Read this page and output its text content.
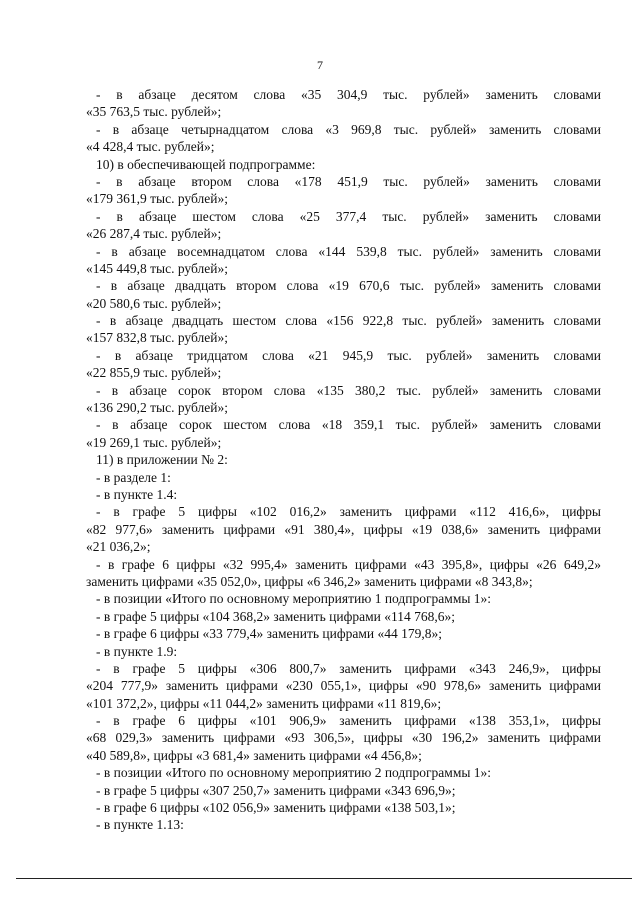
7
- в абзаце десятом слова «35 304,9 тыс. рублей» заменить словами
«35 763,5 тыс. рублей»;
- в абзаце четырнадцатом слова «3 969,8 тыс. рублей» заменить словами
«4 428,4 тыс. рублей»;
10) в обеспечивающей подпрограмме:
- в абзаце втором слова «178 451,9 тыс. рублей» заменить словами
«179 361,9 тыс. рублей»;
- в абзаце шестом слова «25 377,4 тыс. рублей» заменить словами
«26 287,4 тыс. рублей»;
- в абзаце восемнадцатом слова «144 539,8 тыс. рублей» заменить словами
«145 449,8 тыс. рублей»;
- в абзаце двадцать втором слова «19 670,6 тыс. рублей» заменить словами
«20 580,6 тыс. рублей»;
- в абзаце двадцать шестом слова «156 922,8 тыс. рублей» заменить словами
«157 832,8 тыс. рублей»;
- в абзаце тридцатом слова «21 945,9 тыс. рублей» заменить словами
«22 855,9 тыс. рублей»;
- в абзаце сорок втором слова «135 380,2 тыс. рублей» заменить словами
«136 290,2 тыс. рублей»;
- в абзаце сорок шестом слова «18 359,1 тыс. рублей» заменить словами
«19 269,1 тыс. рублей»;
11) в приложении № 2:
- в разделе 1:
- в пункте 1.4:
- в графе 5 цифры «102 016,2» заменить цифрами «112 416,6», цифры
«82 977,6» заменить цифрами «91 380,4», цифры «19 038,6» заменить цифрами
«21 036,2»;
- в графе 6 цифры «32 995,4» заменить цифрами «43 395,8», цифры «26 649,2»
заменить цифрами «35 052,0», цифры «6 346,2» заменить цифрами «8 343,8»;
- в позиции «Итого по основному мероприятию 1 подпрограммы 1»:
- в графе 5 цифры «104 368,2» заменить цифрами «114 768,6»;
- в графе 6 цифры «33 779,4» заменить цифрами «44 179,8»;
- в пункте 1.9:
- в графе 5 цифры «306 800,7» заменить цифрами «343 246,9», цифры
«204 777,9» заменить цифрами «230 055,1», цифры «90 978,6» заменить цифрами
«101 372,2», цифры «11 044,2» заменить цифрами «11 819,6»;
- в графе 6 цифры «101 906,9» заменить цифрами «138 353,1», цифры
«68 029,3» заменить цифрами «93 306,5», цифры «30 196,2» заменить цифрами
«40 589,8», цифры «3 681,4» заменить цифрами «4 456,8»;
- в позиции «Итого по основному мероприятию 2 подпрограммы 1»:
- в графе 5 цифры «307 250,7» заменить цифрами «343 696,9»;
- в графе 6 цифры «102 056,9» заменить цифрами «138 503,1»;
- в пункте 1.13:
